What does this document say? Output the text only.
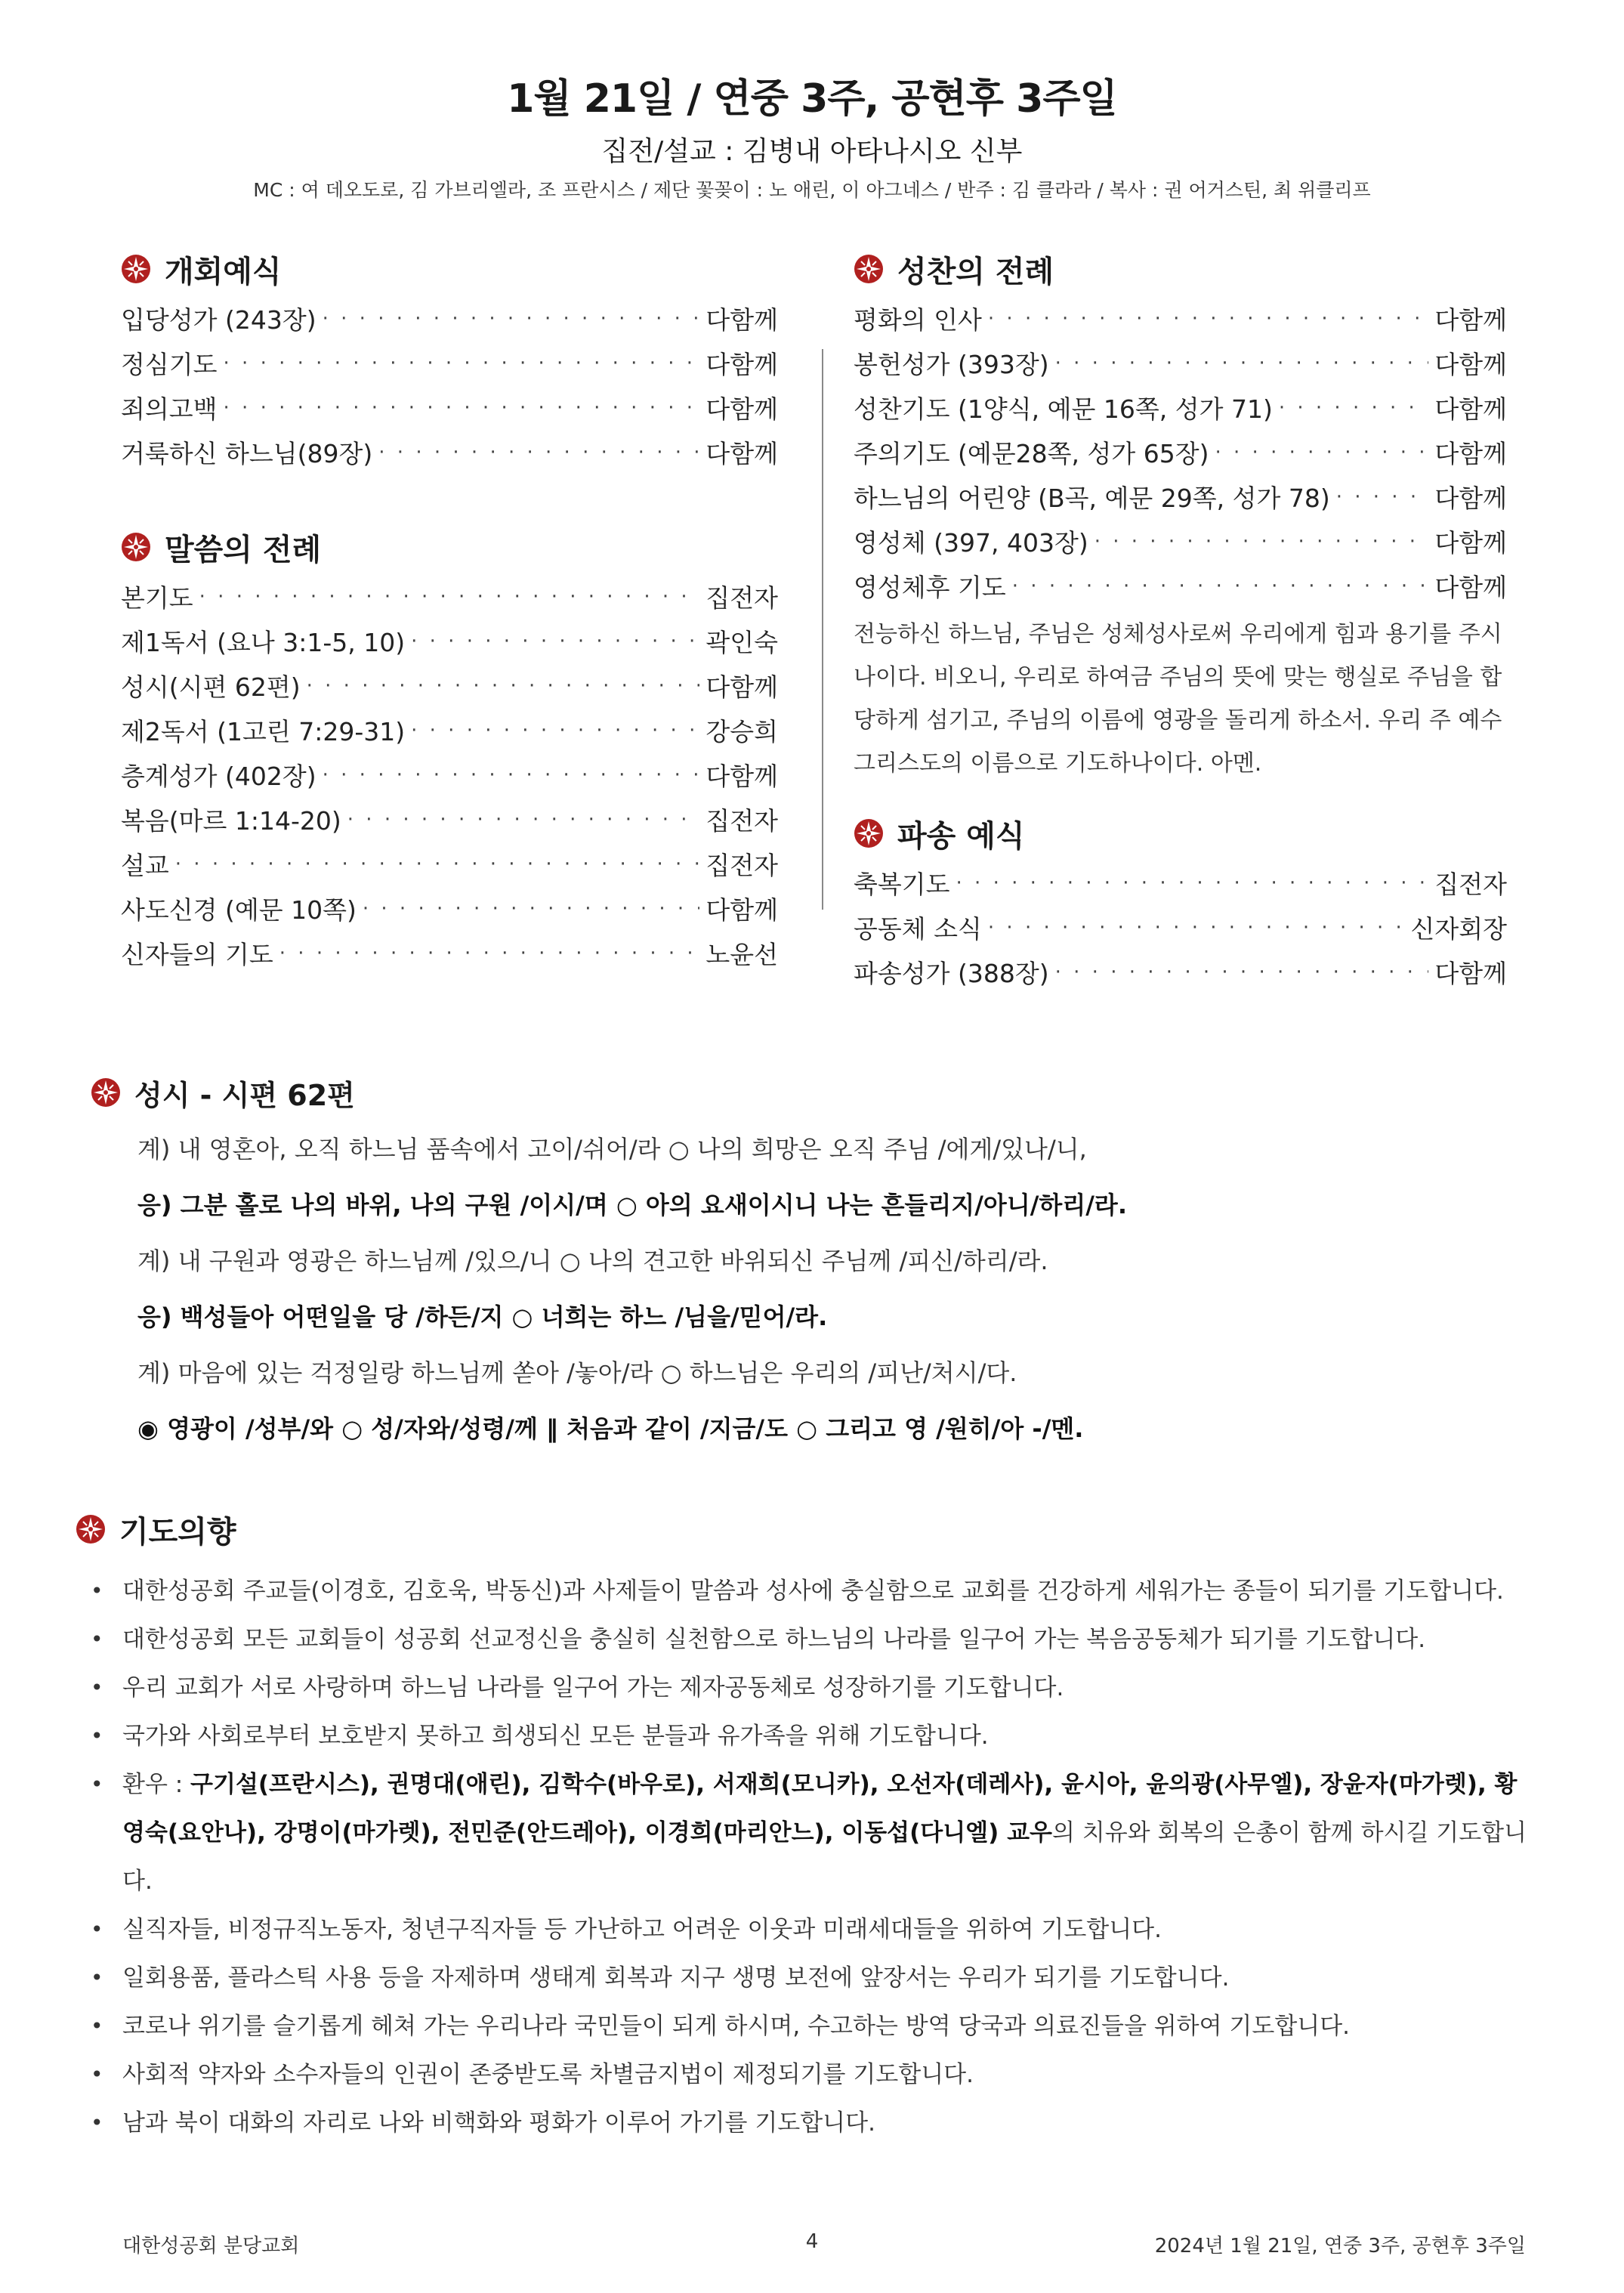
1월 21일 / 연중 3주, 공현후 3주일
집전/설교 : 김병내 아타나시오 신부
MC : 여 데오도로, 김 가브리엘라, 조 프란시스 / 제단 꽃꽂이 : 노 애린, 이 아그네스 / 반주 : 김 클라라 / 복사 : 권 어거스틴, 최 위클리프
개회예식
입당성가 (243장) · · ·	다함께
정심기도 · · ·	다함께
죄의고백 · · ·	다함께
거룩하신 하느님(89장) · · ·	다함께
말씀의 전례
본기도 · · ·	집전자
제1독서 (요나 3:1-5, 10) · · ·	곽인숙
성시(시편 62편) · · ·	다함께
제2독서 (1고린 7:29-31) · · ·	강승희
층계성가 (402장) · · ·	다함께
복음(마르 1:14-20) · · ·	집전자
설교 · · ·	집전자
사도신경 (예문 10쪽) · · ·	다함께
신자들의 기도 · · ·	노윤선
성찬의 전례
평화의 인사 · · ·	다함께
봉헌성가 (393장) · · ·	다함께
성찬기도 (1양식, 예문 16쪽, 성가 71) · · ·	다함께
주의기도 (예문28쪽, 성가 65장) · · ·	다함께
하느님의 어린양 (B곡, 예문 29쪽, 성가 78) · · ·	다함께
영성체 (397, 403장) · · ·	다함께
영성체후 기도 · · ·	다함께
전능하신 하느님, 주님은 성체성사로써 우리에게 힘과 용기를 주시나이다. 비오니, 우리로 하여금 주님의 뜻에 맞는 행실로 주님을 합당하게 섬기고, 주님의 이름에 영광을 돌리게 하소서. 우리 주 예수 그리스도의 이름으로 기도하나이다. 아멘.
파송 예식
축복기도 · · ·	집전자
공동체 소식 · · ·	신자회장
파송성가 (388장) · · ·	다함께
성시 - 시편 62편
계) 내 영혼아, 오직 하느님 품속에서 고이/쉬어/라 ○ 나의 희망은 오직 주님 /에게/있나/니,
응) 그분 홀로 나의 바위, 나의 구원 /이시/며 ○ 아의 요새이시니 나는 흔들리지/아니/하리/라.
계) 내 구원과 영광은 하느님께 /있으/니 ○ 나의 견고한 바위되신 주님께 /피신/하리/라.
응) 백성들아 어떤일을 당 /하든/지 ○ 너희는 하느 /님을/믿어/라.
계) 마음에 있는 걱정일랑 하느님께 쏟아 /놓아/라 ○ 하느님은 우리의 /피난/처시/다.
◉ 영광이 /성부/와 ○ 성/자와/성령/께 ‖ 처음과 같이 /지금/도 ○ 그리고 영 /원히/아 -/멘.
기도의향
• 대한성공회 주교들(이경호, 김호욱, 박동신)과 사제들이 말씀과 성사에 충실함으로 교회를 건강하게 세워가는 종들이 되기를 기도합니다.
• 대한성공회 모든 교회들이 성공회 선교정신을 충실히 실천함으로 하느님의 나라를 일구어 가는 복음공동체가 되기를 기도합니다.
• 우리 교회가 서로 사랑하며 하느님 나라를 일구어 가는 제자공동체로 성장하기를 기도합니다.
• 국가와 사회로부터 보호받지 못하고 희생되신 모든 분들과 유가족을 위해 기도합니다.
• 환우 : 구기설(프란시스), 권명대(애린), 김학수(바우로), 서재희(모니카), 오선자(데레사), 윤시아, 윤의광(사무엘), 장윤자(마가렛), 황영숙(요안나), 강명이(마가렛), 전민준(안드레아), 이경희(마리안느), 이동섭(다니엘) 교우의 치유와 회복의 은총이 함께 하시길 기도합니다.
• 실직자들, 비정규직노동자, 청년구직자들 등 가난하고 어려운 이웃과 미래세대들을 위하여 기도합니다.
• 일회용품, 플라스틱 사용 등을 자제하며 생태계 회복과 지구 생명 보전에 앞장서는 우리가 되기를 기도합니다.
• 코로나 위기를 슬기롭게 헤쳐 가는 우리나라 국민들이 되게 하시며, 수고하는 방역 당국과 의료진들을 위하여 기도합니다.
• 사회적 약자와 소수자들의 인권이 존중받도록 차별금지법이 제정되기를 기도합니다.
• 남과 북이 대화의 자리로 나와 비핵화와 평화가 이루어 가기를 기도합니다.
대한성공회 분당교회	4	2024년 1월 21일, 연중 3주, 공현후 3주일
